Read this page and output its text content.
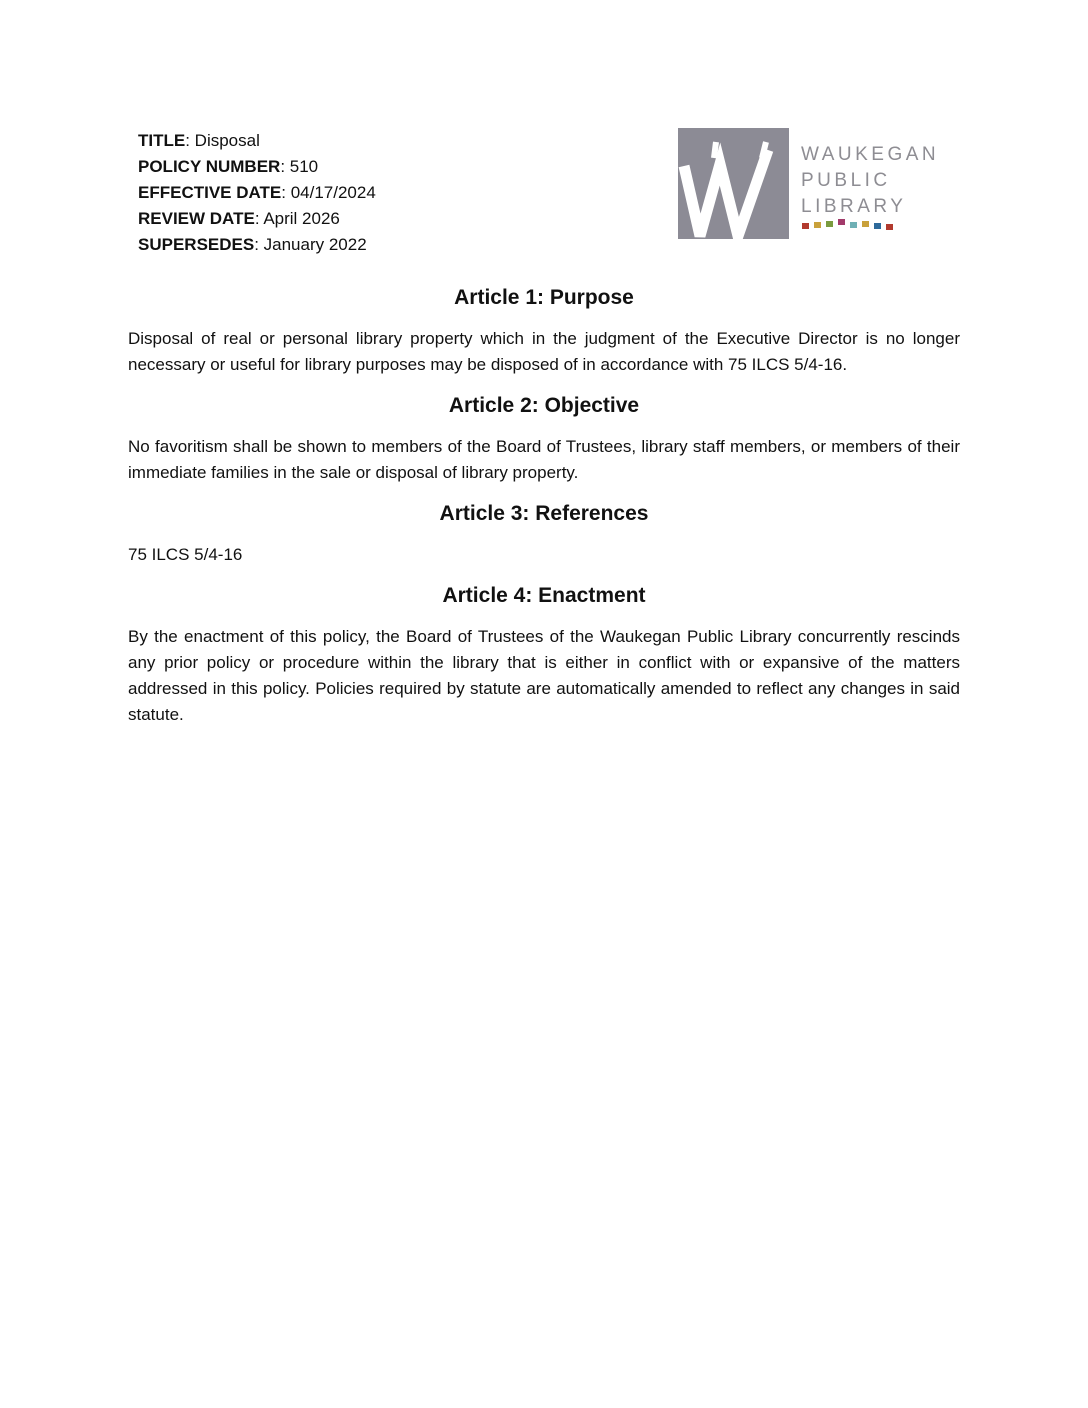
TITLE: Disposal
POLICY NUMBER: 510
EFFECTIVE DATE: 04/17/2024
REVIEW DATE: April 2026
SUPERSEDES: January 2022
WAUKEGAN
PUBLIC
LIBRARY
Article 1: Purpose

Disposal of real or personal library property which in the judgment of the Executive Director is no longer necessary or useful for library purposes may be disposed of in accordance with 75 ILCS 5/4-16.

Article 2: Objective

No favoritism shall be shown to members of the Board of Trustees, library staff members, or members of their immediate families in the sale or disposal of library property.

Article 3: References

75 ILCS 5/4-16

Article 4: Enactment

By the enactment of this policy, the Board of Trustees of the Waukegan Public Library concurrently rescinds any prior policy or procedure within the library that is either in conflict with or expansive of the matters addressed in this policy. Policies required by statute are automatically amended to reflect any changes in said statute.
